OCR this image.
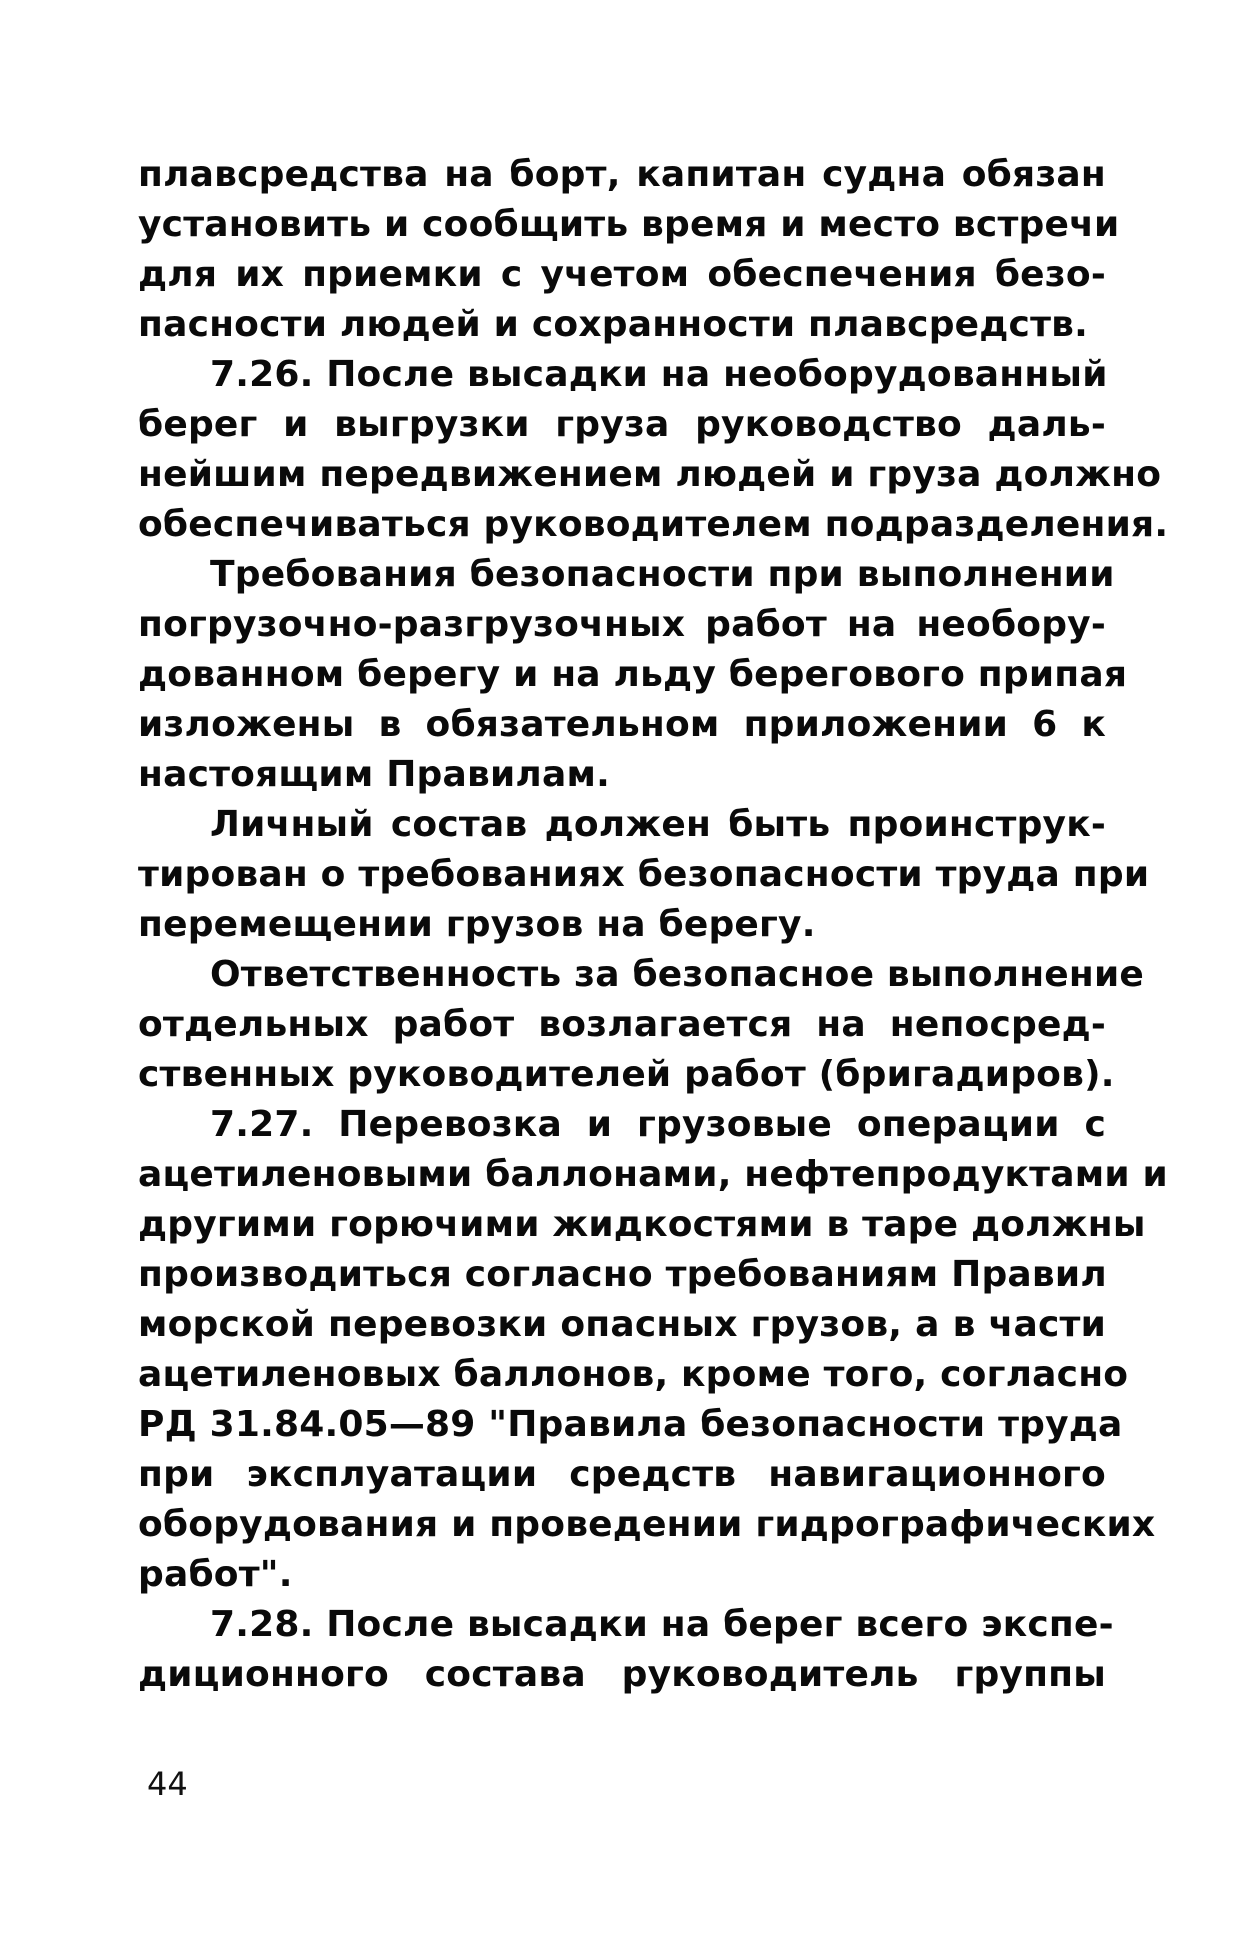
плавсредства на борт, капитан судна обязан
установить и сообщить время и место встречи
для их приемки с учетом обеспечения безо-
пасности людей и сохранности плавсредств.
7.26. После высадки на необорудованный
берег и выгрузки груза руководство даль-
нейшим передвижением людей и груза должно
обеспечиваться руководителем подразделения.
Требования безопасности при выполнении
погрузочно-разгрузочных работ на необору-
дованном берегу и на льду берегового припая
изложены в обязательном приложении 6 к
настоящим Правилам.
Личный состав должен быть проинструк-
тирован о требованиях безопасности труда при
перемещении грузов на берегу.
Ответственность за безопасное выполнение
отдельных работ возлагается на непосред-
ственных руководителей работ (бригадиров).
7.27. Перевозка и грузовые операции с
ацетиленовыми баллонами, нефтепродуктами и
другими горючими жидкостями в таре должны
производиться согласно требованиям Правил
морской перевозки опасных грузов, а в части
ацетиленовых баллонов, кроме того, согласно
РД 31.84.05—89 "Правила безопасности труда
при эксплуатации средств навигационного
оборудования и проведении гидрографических
работ".
7.28. После высадки на берег всего экспе-
диционного состава руководитель группы
44
